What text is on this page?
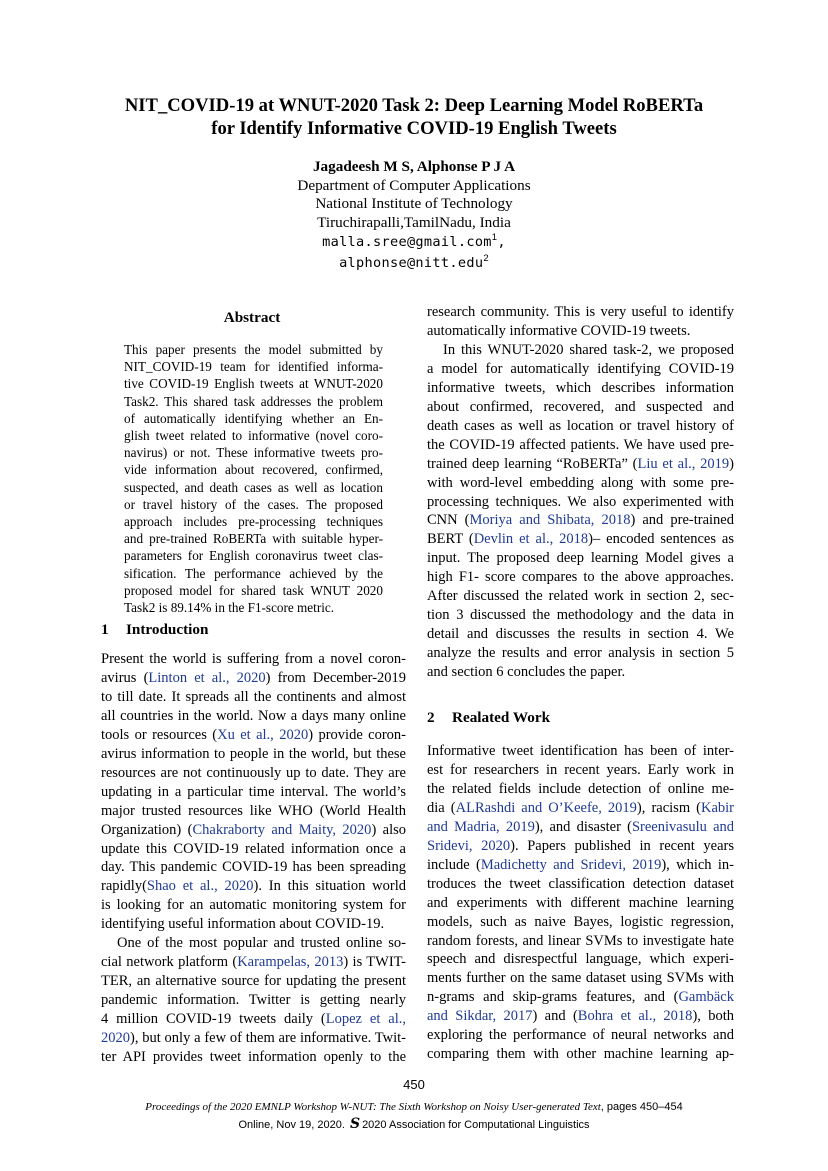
NIT_COVID-19 at WNUT-2020 Task 2: Deep Learning Model RoBERTa
for Identify Informative COVID-19 English Tweets
Jagadeesh M S, Alphonse P J A
Department of Computer Applications
National Institute of Technology
Tiruchirapalli,TamilNadu, India
malla.sree@gmail.com$^1$,
alphonse@nitt.edu$^2$
Abstract
This paper presents the model submitted by
NIT_COVID-19 team for identified informa-
tive COVID-19 English tweets at WNUT-2020
Task2. This shared task addresses the problem
of automatically identifying whether an En-
glish tweet related to informative (novel coro-
navirus) or not. These informative tweets pro-
vide information about recovered, confirmed,
suspected, and death cases as well as location
or travel history of the cases. The proposed
approach includes pre-processing techniques
and pre-trained RoBERTa with suitable hyper-
parameters for English coronavirus tweet clas-
sification. The performance achieved by the
proposed model for shared task WNUT 2020
Task2 is 89.14% in the F1-score metric.
1 Introduction
Present the world is suffering from a novel coron-
avirus (Linton et al., 2020) from December-2019
to till date. It spreads all the continents and almost
all countries in the world. Now a days many online
tools or resources (Xu et al., 2020) provide coron-
avirus information to people in the world, but these
resources are not continuously up to date. They are
updating in a particular time interval. The world’s
major trusted resources like WHO (World Health
Organization) (Chakraborty and Maity, 2020) also
update this COVID-19 related information once a
day. This pandemic COVID-19 has been spreading
rapidly(Shao et al., 2020). In this situation world
is looking for an automatic monitoring system for
identifying useful information about COVID-19.
One of the most popular and trusted online so-
cial network platform (Karampelas, 2013) is TWIT-
TER, an alternative source for updating the present
pandemic information. Twitter is getting nearly
4 million COVID-19 tweets daily (Lopez et al.,
2020), but only a few of them are informative. Twit-
ter API provides tweet information openly to the
research community. This is very useful to identify
automatically informative COVID-19 tweets.
In this WNUT-2020 shared task-2, we proposed
a model for automatically identifying COVID-19
informative tweets, which describes information
about confirmed, recovered, and suspected and
death cases as well as location or travel history of
the COVID-19 affected patients. We have used pre-
trained deep learning “RoBERTa” (Liu et al., 2019)
with word-level embedding along with some pre-
processing techniques. We also experimented with
CNN (Moriya and Shibata, 2018) and pre-trained
BERT (Devlin et al., 2018)– encoded sentences as
input. The proposed deep learning Model gives a
high F1- score compares to the above approaches.
After discussed the related work in section 2, sec-
tion 3 discussed the methodology and the data in
detail and discusses the results in section 4. We
analyze the results and error analysis in section 5
and section 6 concludes the paper.
2 Realated Work
Informative tweet identification has been of inter-
est for researchers in recent years. Early work in
the related fields include detection of online me-
dia (ALRashdi and O’Keefe, 2019), racism (Kabir
and Madria, 2019), and disaster (Sreenivasulu and
Sridevi, 2020). Papers published in recent years
include (Madichetty and Sridevi, 2019), which in-
troduces the tweet classification detection dataset
and experiments with different machine learning
models, such as naive Bayes, logistic regression,
random forests, and linear SVMs to investigate hate
speech and disrespectful language, which experi-
ments further on the same dataset using SVMs with
n-grams and skip-grams features, and (Gambäck
and Sikdar, 2017) and (Bohra et al., 2018), both
exploring the performance of neural networks and
comparing them with other machine learning ap-
450
Proceedings of the 2020 EMNLP Workshop W-NUT: The Sixth Workshop on Noisy User-generated Text, pages 450–454
Online, Nov 19, 2020. S 2020 Association for Computational Linguistics
